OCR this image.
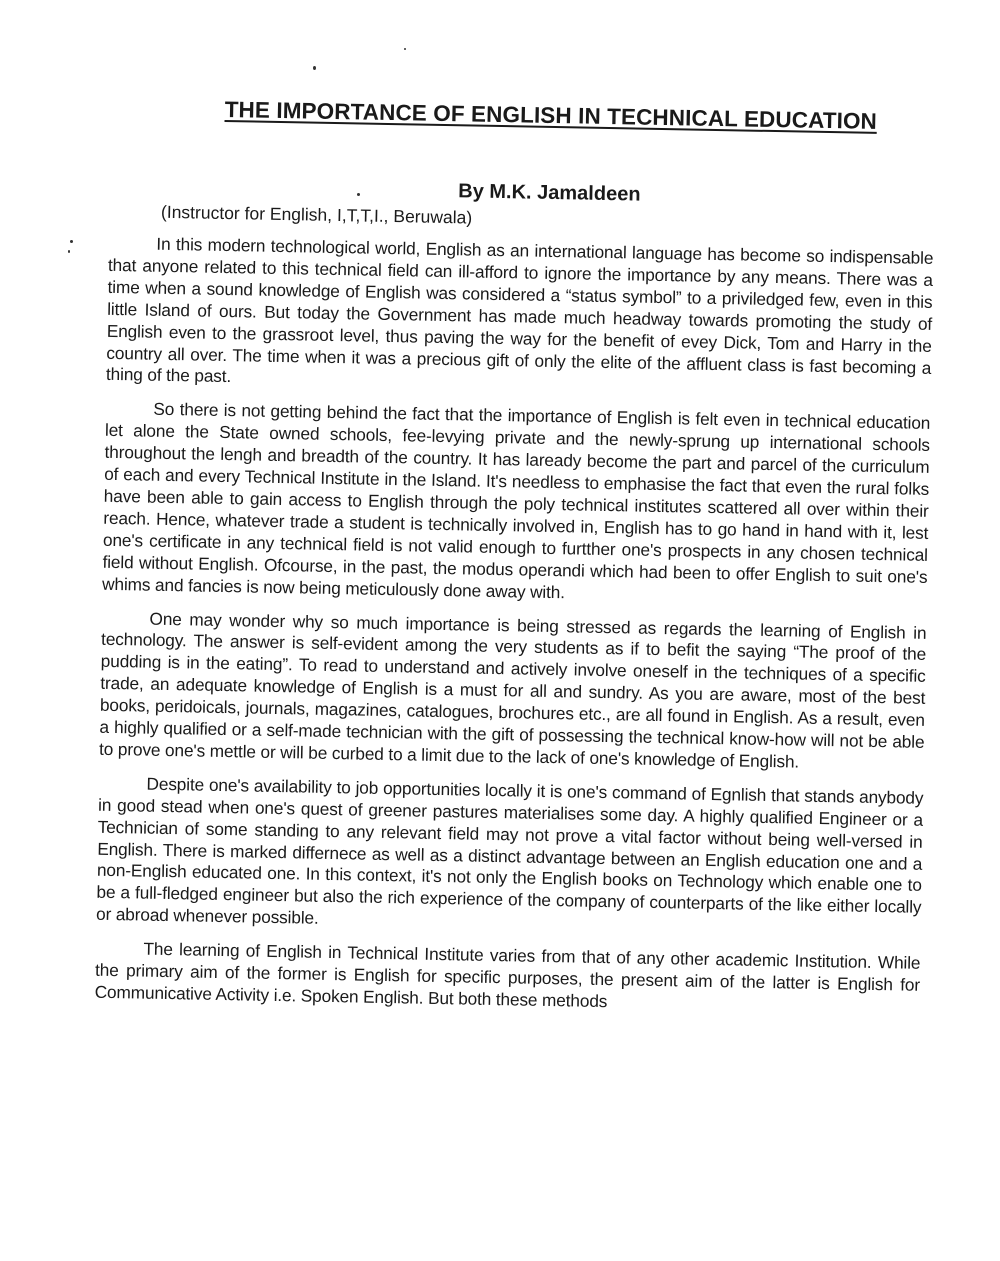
THE IMPORTANCE OF ENGLISH IN TECHNICAL EDUCATION
By M.K. Jamaldeen
(Instructor for English, I,T,T,I., Beruwala)

In this modern technological world, English as an international language has become so indispensable that anyone related to this technical field can ill-afford to ignore the importance by any means. There was a time when a sound knowledge of English was considered a “status symbol” to a priviledged few, even in this little Island of ours. But today the Government has made much headway towards promoting the study of English even to the grassroot level, thus paving the way for the benefit of evey Dick, Tom and Harry in the country all over. The time when it was a precious gift of only the elite of the affluent class is fast becoming a thing of the past.

So there is not getting behind the fact that the importance of English is felt even in technical education let alone the State owned schools, fee-levying private and the newly-sprung up international schools throughout the lengh and breadth of the country. It has laready become the part and parcel of the curriculum of each and every Technical Institute in the Island. It's needless to emphasise the fact that even the rural folks have been able to gain access to English through the poly technical institutes scattered all over within their reach. Hence, whatever trade a student is technically involved in, English has to go hand in hand with it, lest one's certificate in any technical field is not valid enough to furtther one's prospects in any chosen technical field without English. Ofcourse, in the past, the modus operandi which had been to offer English to suit one's whims and fancies is now being meticulously done away with.

One may wonder why so much importance is being stressed as regards the learning of English in technology. The answer is self-evident among the very students as if to befit the saying “The proof of the pudding is in the eating”. To read to understand and actively involve oneself in the techniques of a specific trade, an adequate knowledge of English is a must for all and sundry. As you are aware, most of the best books, peridoicals, journals, magazines, catalogues, brochures etc., are all found in English. As a result, even a highly qualified or a self-made technician with the gift of possessing the technical know-how will not be able to prove one's mettle or will be curbed to a limit due to the lack of one's knowledge of English.

Despite one's availability to job opportunities locally it is one's command of Egnlish that stands anybody in good stead when one's quest of greener pastures materialises some day. A highly qualified Engineer or a Technician of some standing to any relevant field may not prove a vital factor without being well-versed in English. There is marked differnece as well as a distinct advantage between an English education one and a non-English educated one. In this context, it's not only the English books on Technology which enable one to be a full-fledged engineer but also the rich experience of the company of counterparts of the like either locally or abroad whenever possible.

The learning of English in Technical Institute varies from that of any other academic Institution. While the primary aim of the former is English for specific purposes, the present aim of the latter is English for Communicative Activity i.e. Spoken English. But both these methods
